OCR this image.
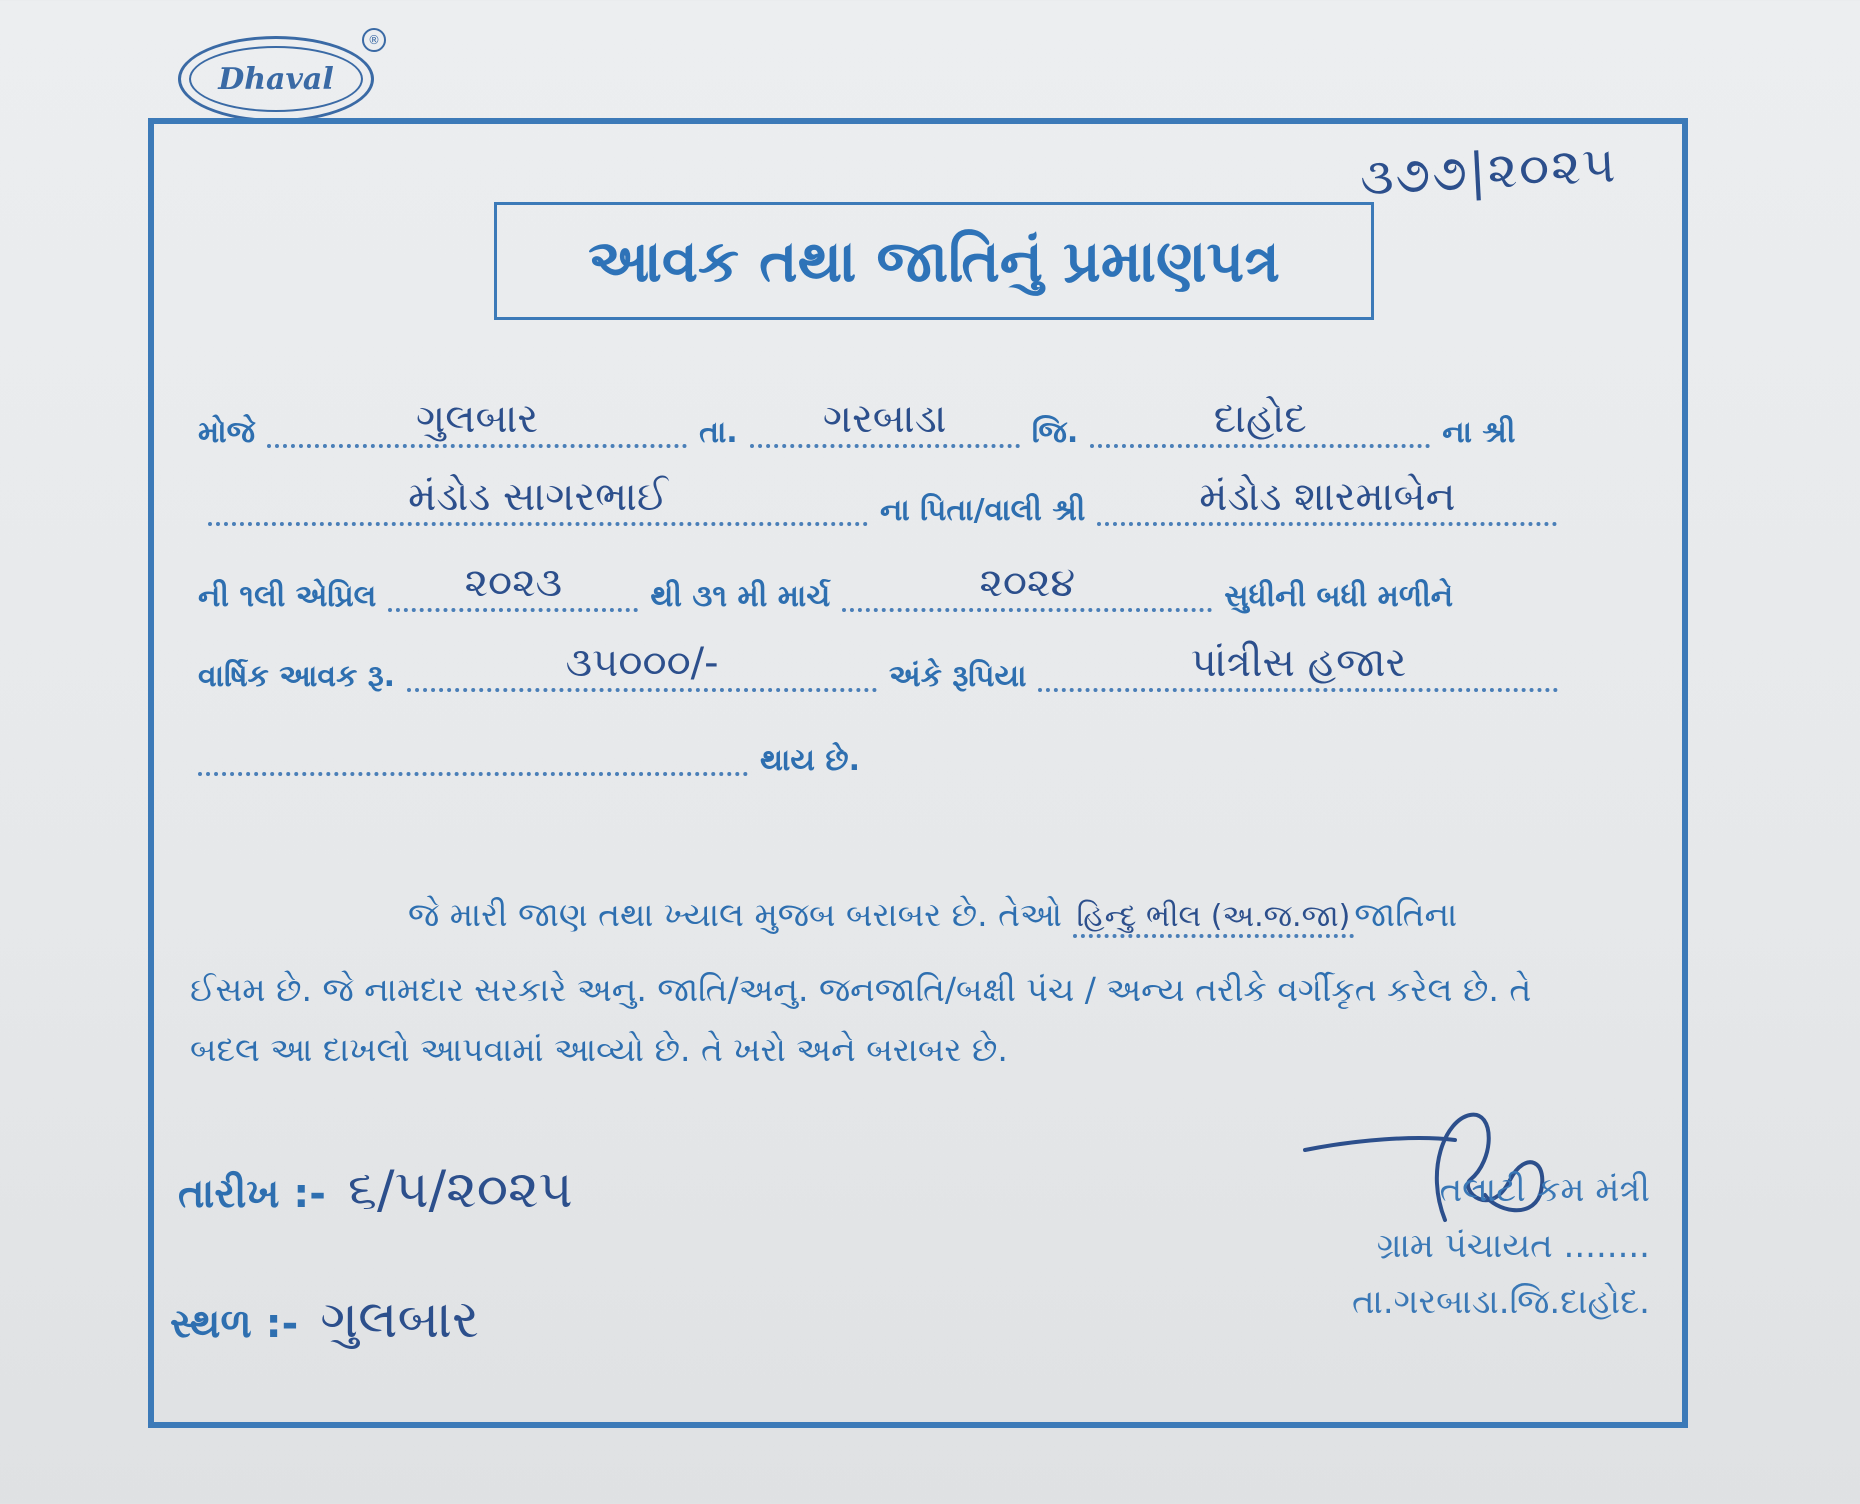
Dhaval
®
૩૭૭|૨૦૨૫
આવક તથા જાતિનું પ્રમાણપત્ર
મોજે	ગુલબાર	તા. ગરબાડા	જિ.	દાહોદ	ના શ્રી
મંડોડ સાગરભાઈ	ના પિતા/વાલી શ્રી	મંડોડ શારમાબેન
ની ૧લી એપ્રિલ ૨૦૨૩	થી ૩૧ મી માર્ચ	૨૦૨૪	સુધીની બધી મળીને
વાર્ષિક આવક રૂ.	૩૫૦૦૦/-	અંકે રૂપિયા	પાંત્રીસ હજાર
થાય છે.
જે મારી જાણ તથા ખ્યાલ મુજબ બરાબર છે. તેઓ હિન્દુ ભીલ (અ.જ.જા) જાતિના
ઈસમ છે. જે નામદાર સરકારે અનુ. જાતિ/અનુ. જનજાતિ/બક્ષી પંચ / અન્ય તરીકે વર્ગીકૃત કરેલ છે. તે
બદલ આ દાખલો આપવામાં આવ્યો છે. તે ખરો અને બરાબર છે.
તારીખ :- ૬/૫/૨૦૨૫
સ્થળ :- ગુલબાર
તલાટી કમ મંત્રી
ગ્રામ પંચાયત ........
તા.ગરબાડા.જિ.દાહોદ.
